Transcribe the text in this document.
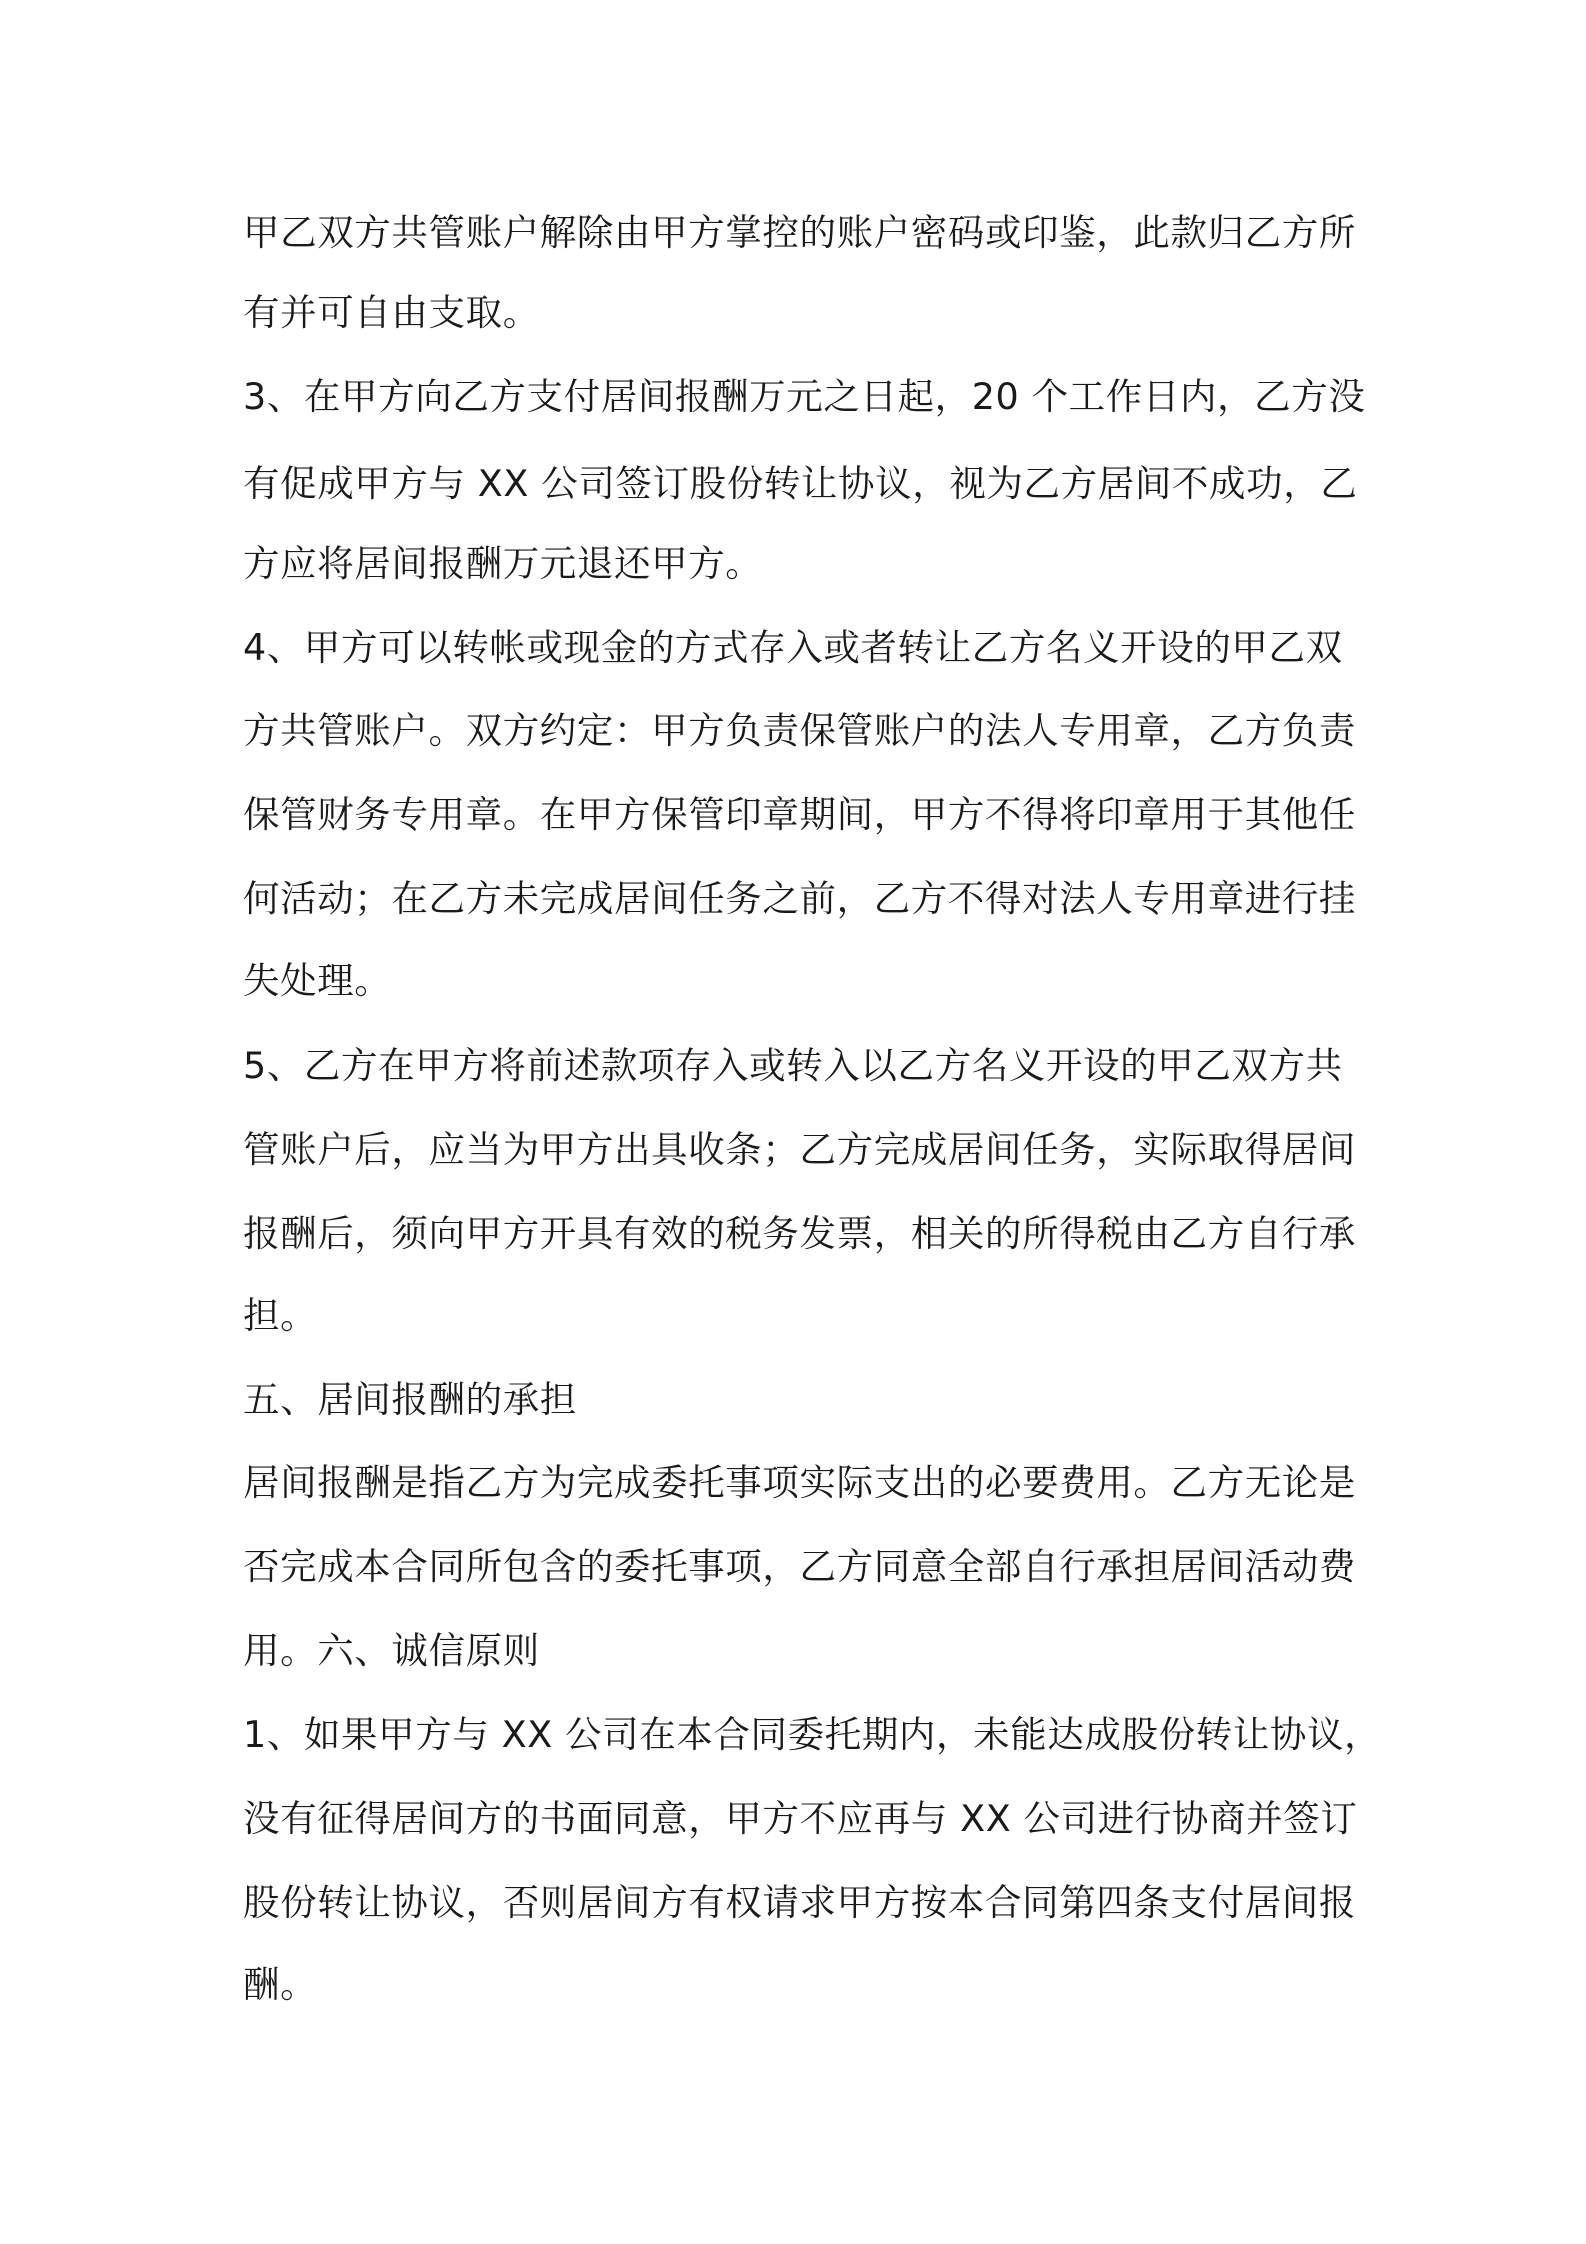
甲乙双方共管账户解除由甲方掌控的账户密码或印鉴，此款归乙方所

有并可自由支取。

3、在甲方向乙方支付居间报酬万元之日起，20 个工作日内，乙方没

有促成甲方与 XX 公司签订股份转让协议，视为乙方居间不成功，乙

方应将居间报酬万元退还甲方。

4、甲方可以转帐或现金的方式存入或者转让乙方名义开设的甲乙双

方共管账户。双方约定：甲方负责保管账户的法人专用章，乙方负责

保管财务专用章。在甲方保管印章期间，甲方不得将印章用于其他任

何活动；在乙方未完成居间任务之前，乙方不得对法人专用章进行挂

失处理。

5、乙方在甲方将前述款项存入或转入以乙方名义开设的甲乙双方共

管账户后，应当为甲方出具收条；乙方完成居间任务，实际取得居间

报酬后，须向甲方开具有效的税务发票，相关的所得税由乙方自行承

担。

五、居间报酬的承担

居间报酬是指乙方为完成委托事项实际支出的必要费用。乙方无论是

否完成本合同所包含的委托事项，乙方同意全部自行承担居间活动费

用。六、诚信原则

1、如果甲方与 XX 公司在本合同委托期内，未能达成股份转让协议，

没有征得居间方的书面同意，甲方不应再与 XX 公司进行协商并签订

股份转让协议，否则居间方有权请求甲方按本合同第四条支付居间报

酬。
